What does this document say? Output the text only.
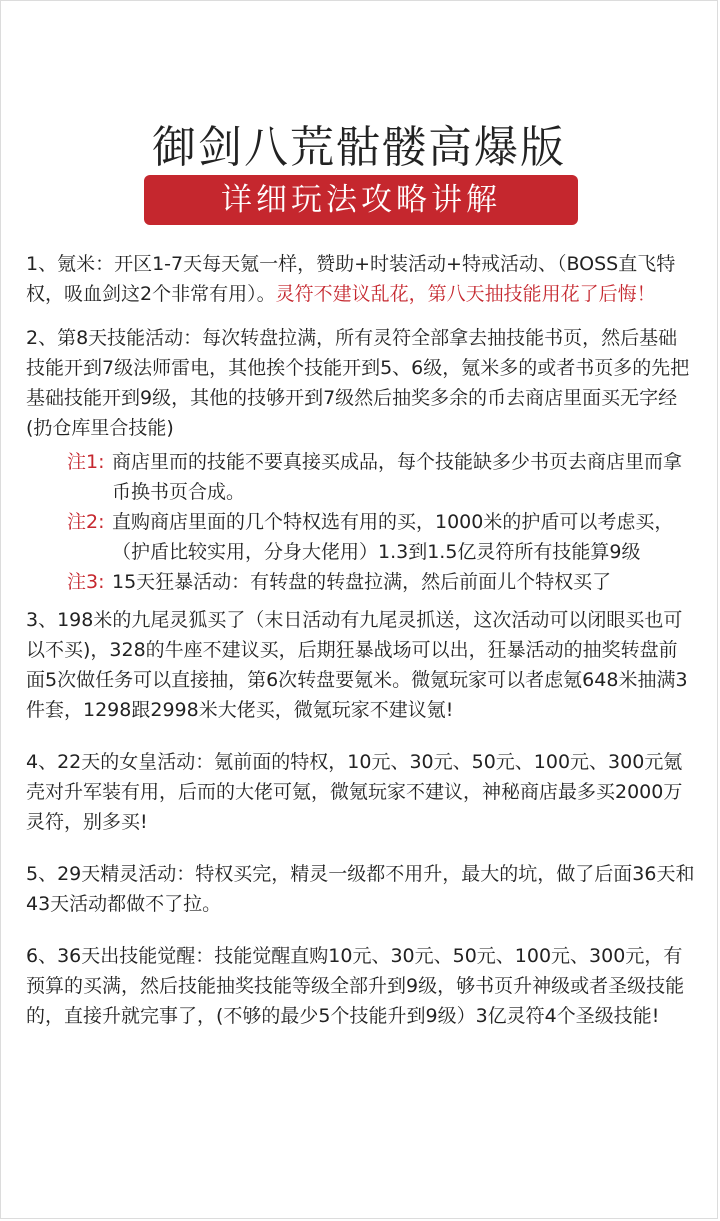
御剑八荒骷髅高爆版
详细玩法攻略讲解

1、氪米：开区1-7天每天氪一样，赞助+时装活动+特戒活动、（BOSS直飞特权，吸血剑这2个非常有用）。灵符不建议乱花，第八天抽技能用花了后悔！

2、第8天技能活动：每次转盘拉满，所有灵符全部拿去抽技能书页，然后基础技能开到7级法师雷电，其他挨个技能开到5、6级，氪米多的或者书页多的先把基础技能开到9级，其他的技够开到7级然后抽奖多余的币去商店里面买无字经(扔仓库里合技能)

注1: 商店里而的技能不要真接买成品，每个技能缺多少书页去商店里而拿币换书页合成。
注2: 直购商店里面的几个特权选有用的买，1000米的护盾可以考虑买，（护盾比较实用，分身大佬用）1.3到1.5亿灵符所有技能算9级
注3: 15天狂暴活动：有转盘的转盘拉满，然后前面儿个特权买了

3、198米的九尾灵狐买了（末日活动有九尾灵抓送，这次活动可以闭眼买也可以不买)，328的牛座不建议买，后期狂暴战场可以出，狂暴活动的抽奖转盘前面5次做任务可以直接抽，第6次转盘要氪米。微氪玩家可以者虑氪648米抽满3件套，1298跟2998米大佬买，微氪玩家不建议氪!

4、22天的女皇活动：氪前面的特权，10元、30元、50元、100元、300元氪壳对升军装有用，后而的大佬可氪，微氪玩家不建议，神秘商店最多买2000万灵符，别多买!

5、29天精灵活动：特权买完，精灵一级都不用升，最大的坑，做了后面36天和43天活动都做不了拉。

6、36天出技能觉醒：技能觉醒直购10元、30元、50元、100元、300元，有预算的买满，然后技能抽奖技能等级全部升到9级，够书页升神级或者圣级技能的，直接升就完事了，(不够的最少5个技能升到9级）3亿灵符4个圣级技能!
